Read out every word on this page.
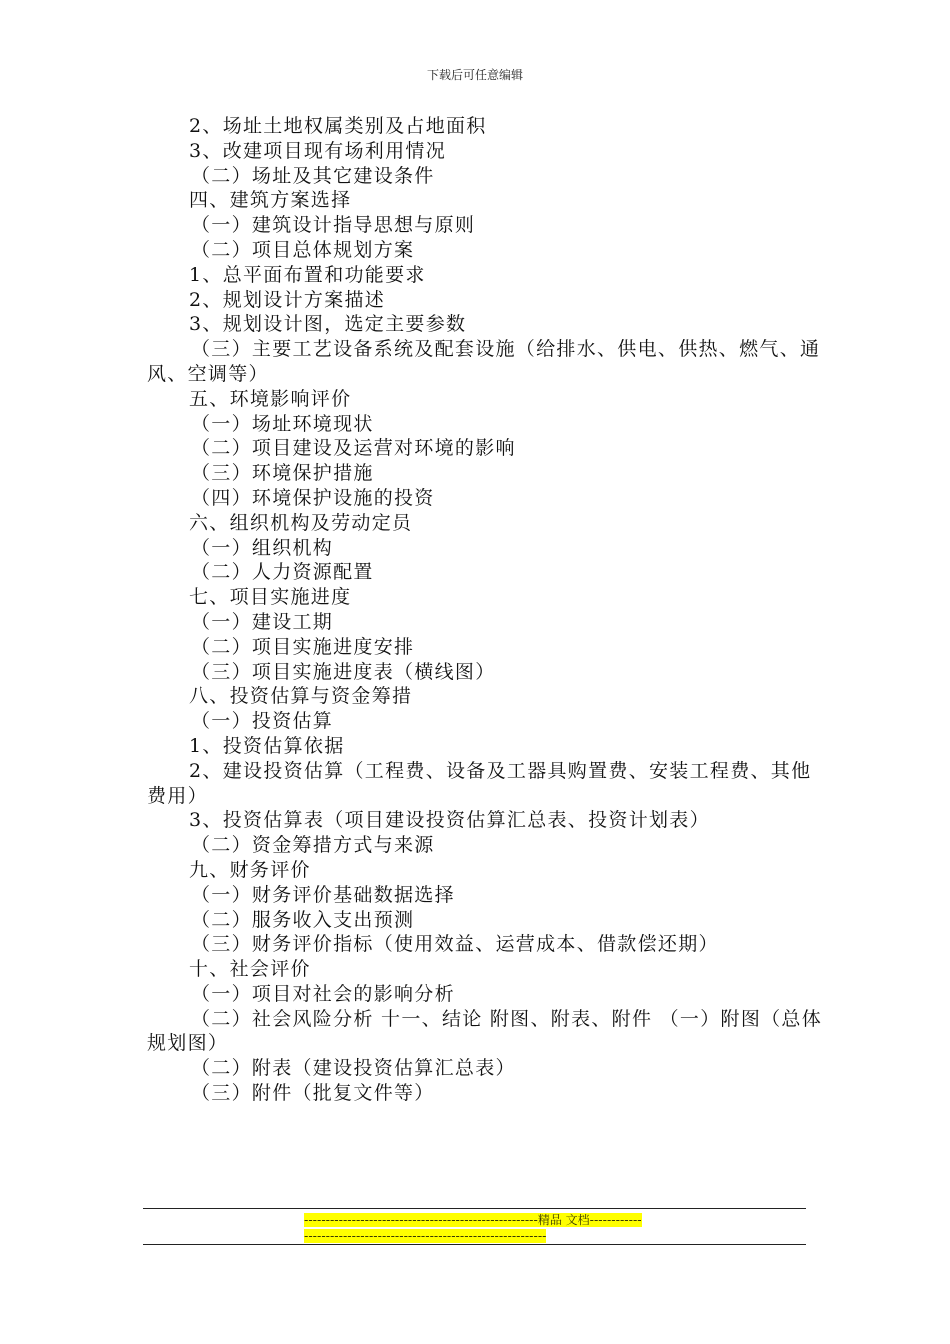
下载后可任意编辑
2、场址土地权属类别及占地面积
3、改建项目现有场利用情况
（二）场址及其它建设条件
四、建筑方案选择
（一）建筑设计指导思想与原则
（二）项目总体规划方案
1、总平面布置和功能要求
2、规划设计方案描述
3、规划设计图，选定主要参数
（三）主要工艺设备系统及配套设施（给排水、供电、供热、燃气、通风、空调等）
五、环境影响评价
（一）场址环境现状
（二）项目建设及运营对环境的影响
（三）环境保护措施
（四）环境保护设施的投资
六、组织机构及劳动定员
（一）组织机构
（二）人力资源配置
七、项目实施进度
（一）建设工期
（二）项目实施进度安排
（三）项目实施进度表（横线图）
八、投资估算与资金筹措
（一）投资估算
1、投资估算依据
2、建设投资估算（工程费、设备及工器具购置费、安装工程费、其他费用）
3、投资估算表（项目建设投资估算汇总表、投资计划表）
（二）资金筹措方式与来源
九、财务评价
（一）财务评价基础数据选择
（二）服务收入支出预测
（三）财务评价指标（使用效益、运营成本、借款偿还期）
十、社会评价
（一）项目对社会的影响分析
（二）社会风险分析 十一、结论 附图、附表、附件 （一）附图（总体规划图）
（二）附表（建设投资估算汇总表）
（三）附件（批复文件等）
------------------------------------------------------精品 文档--------------------------------------------------------------------
